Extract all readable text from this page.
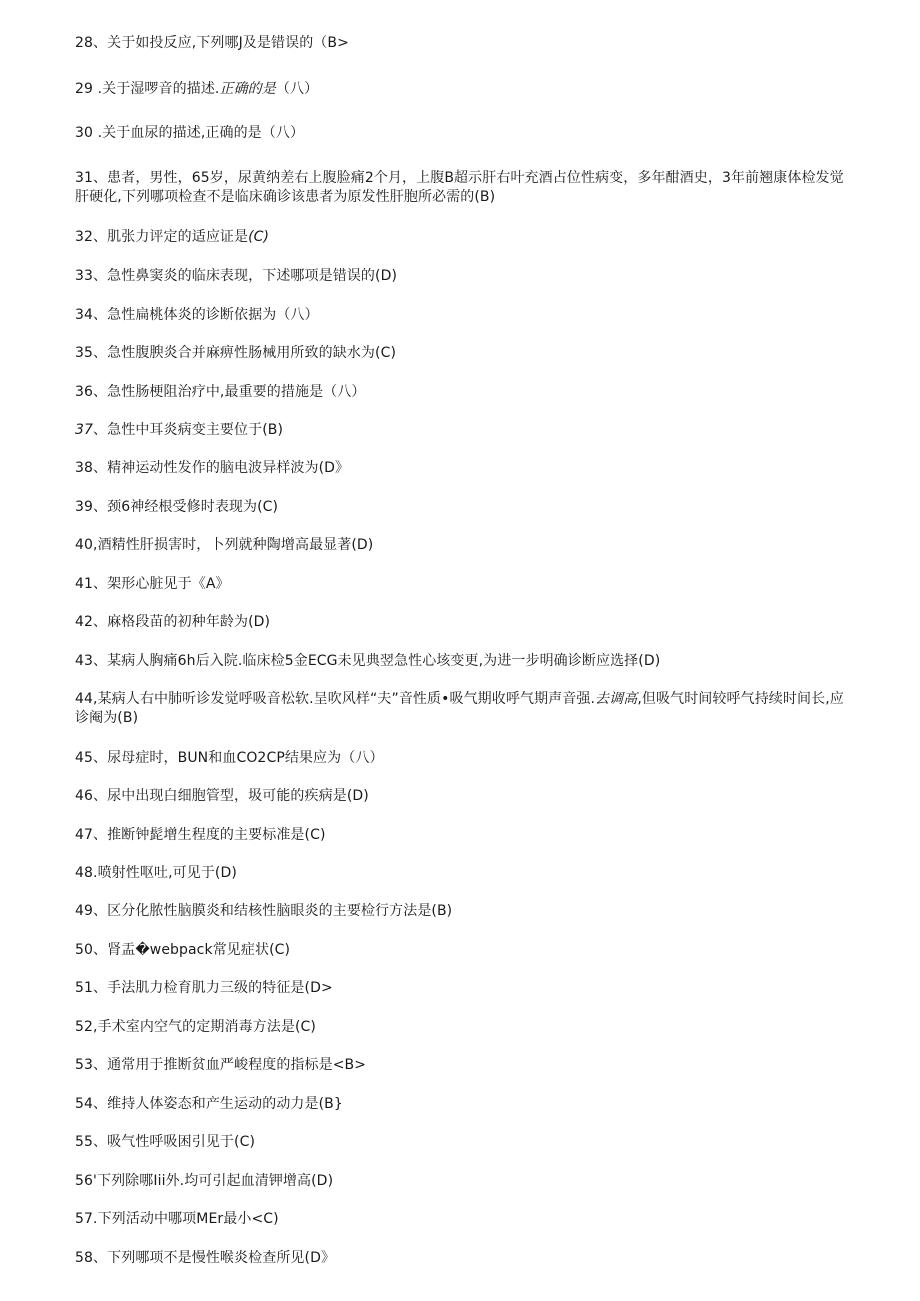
28、关于如投反应,下列哪J及是错误的（B>
29 .关于湿啰音的描述.正确的是（八）
30 .关于血尿的描述,正确的是（八）
31、患者，男性，65岁，尿黄纳差右上腹脸痛2个月，上腹B超示肝右叶充酒占位性病变，多年酣酒史，3年前翘康体检发觉肝硬化,下列哪项检查不是临床确诊该患者为原发性肝胞所必需的(B)
32、肌张力评定的适应证是(C)
33、急性鼻窦炎的临床表现，下述哪项是错误的(D)
34、急性扁桃体炎的诊断依据为（八）
35、急性腹腴炎合并麻痹性肠械用所致的缺水为(C)
36、急性肠梗阻治疗中,最重要的措施是（八）
37、急性中耳炎病变主要位于(B)
38、精神运动性发作的脑电波异样波为(D》
39、颈6神经根受修时表现为(C)
40,酒精性肝损害时，卜列就种陶增高最显著(D)
41、架形心脏见于《A》
42、麻格段苗的初种年龄为(D)
43、某病人胸痛6h后入院.临床检5金ECG未见典翌急性心垓变更,为进一步明确诊断应选择(D)
44,某病人右中肺听诊发觉呼吸音松软.呈吹风样“夫”音性质•吸气期收呼气期声音强.去调高,但吸气时间较呼气持续时间长,应诊阉为(B)
45、尿母症时，BUN和血CO2CP结果应为（八）
46、尿中出现白细胞管型，圾可能的疾病是(D)
47、推断钟髭增生程度的主要标准是(C)
48.喷射性呕吐,可见于(D)
49、区分化脓性脑膜炎和结核性脑眼炎的主要检行方法是(B)
50、肾盂�webpack常见症状(C)
51、手法肌力检育肌力三级的特征是(D>
52,手术室内空气的定期消毒方法是(C)
53、通常用于推断贫血严峻程度的指标是<B>
54、维持人体姿态和产生运动的动力是(B}
55、吸气性呼吸困引见于(C)
56'下列除哪Iii外.均可引起血清钾增高(D)
57.下列活动中哪项MEr最小<C)
58、下列哪项不是慢性喉炎检查所见(D》
